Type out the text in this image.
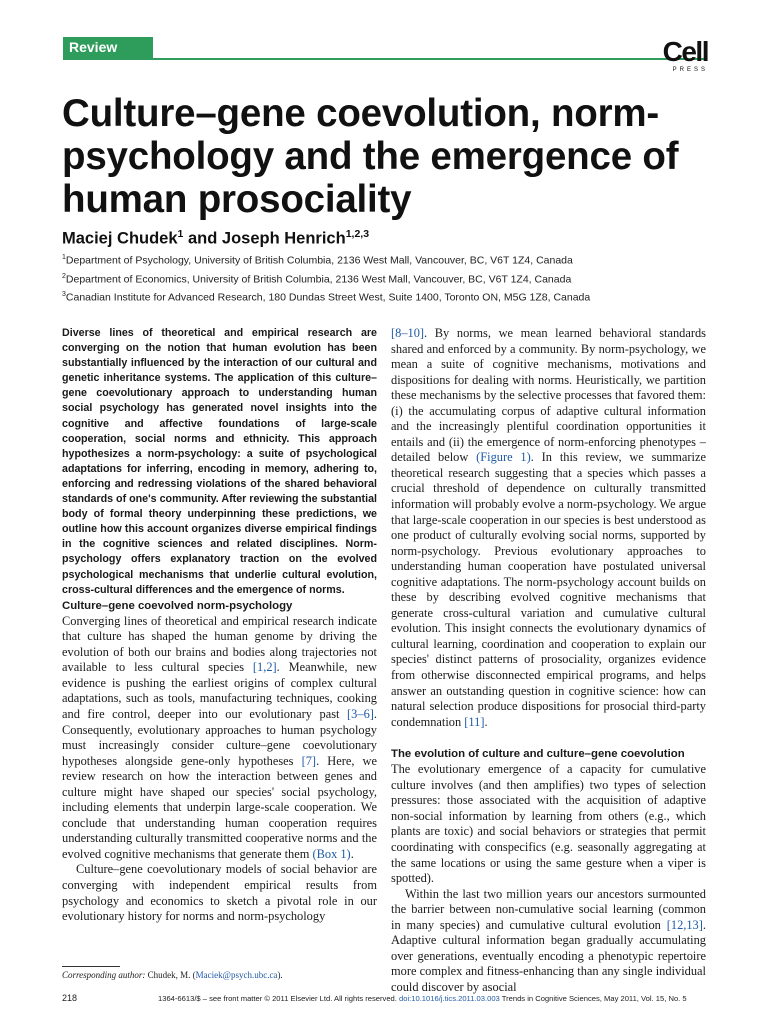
Review	Cell
PRESS
Culture–gene coevolution, norm-psychology and the emergence of human prosociality
Maciej Chudek$^1$ and Joseph Henrich$^{1,2,3}$
$^1$Department of Psychology, University of British Columbia, 2136 West Mall, Vancouver, BC, V6T 1Z4, Canada
$^2$Department of Economics, University of British Columbia, 2136 West Mall, Vancouver, BC, V6T 1Z4, Canada
$^3$Canadian Institute for Advanced Research, 180 Dundas Street West, Suite 1400, Toronto ON, M5G 1Z8, Canada

Diverse lines of theoretical and empirical research are converging on the notion that human evolution has been substantially influenced by the interaction of our cultural and genetic inheritance systems. The application of this culture–gene coevolutionary approach to understanding human social psychology has generated novel insights into the cognitive and affective foundations of large-scale cooperation, social norms and ethnicity. This approach hypothesizes a norm-psychology: a suite of psychological adaptations for inferring, encoding in memory, adhering to, enforcing and redressing violations of the shared behavioral standards of one's community. After reviewing the substantial body of formal theory underpinning these predictions, we outline how this account organizes diverse empirical findings in the cognitive sciences and related disciplines. Norm-psychology offers explanatory traction on the evolved psychological mechanisms that underlie cultural evolution, cross-cultural differences and the emergence of norms.

Culture–gene coevolved norm-psychology

Converging lines of theoretical and empirical research indicate that culture has shaped the human genome by driving the evolution of both our brains and bodies along trajectories not available to less cultural species [1,2]. Meanwhile, new evidence is pushing the earliest origins of complex cultural adaptations, such as tools, manufacturing techniques, cooking and fire control, deeper into our evolutionary past [3–6]. Consequently, evolutionary approaches to human psychology must increasingly consider culture–gene coevolutionary hypotheses alongside gene-only hypotheses [7]. Here, we review research on how the interaction between genes and culture might have shaped our species' social psychology, including elements that underpin large-scale cooperation. We conclude that understanding human cooperation requires understanding culturally transmitted cooperative norms and the evolved cognitive mechanisms that generate them (Box 1).

Culture–gene coevolutionary models of social behavior are converging with independent empirical results from psychology and economics to sketch a pivotal role in our evolutionary history for norms and norm-psychology

[8–10]. By norms, we mean learned behavioral standards shared and enforced by a community. By norm-psychology, we mean a suite of cognitive mechanisms, motivations and dispositions for dealing with norms. Heuristically, we partition these mechanisms by the selective processes that favored them: (i) the accumulating corpus of adaptive cultural information and the increasingly plentiful coordination opportunities it entails and (ii) the emergence of norm-enforcing phenotypes – detailed below (Figure 1). In this review, we summarize theoretical research suggesting that a species which passes a crucial threshold of dependence on culturally transmitted information will probably evolve a norm-psychology. We argue that large-scale cooperation in our species is best understood as one product of culturally evolving social norms, supported by norm-psychology. Previous evolutionary approaches to understanding human cooperation have postulated universal cognitive adaptations. The norm-psychology account builds on these by describing evolved cognitive mechanisms that generate cross-cultural variation and cumulative cultural evolution. This insight connects the evolutionary dynamics of cultural learning, coordination and cooperation to explain our species' distinct patterns of prosociality, organizes evidence from otherwise disconnected empirical programs, and helps answer an outstanding question in cognitive science: how can natural selection produce dispositions for prosocial third-party condemnation [11].

The evolution of culture and culture–gene coevolution

The evolutionary emergence of a capacity for cumulative culture involves (and then amplifies) two types of selection pressures: those associated with the acquisition of adaptive non-social information by learning from others (e.g., which plants are toxic) and social behaviors or strategies that permit coordinating with conspecifics (e.g. seasonally aggregating at the same locations or using the same gesture when a viper is spotted).

Within the last two million years our ancestors surmounted the barrier between non-cumulative social learning (common in many species) and cumulative cultural evolution [12,13]. Adaptive cultural information began gradually accumulating over generations, eventually encoding a phenotypic repertoire more complex and fitness-enhancing than any single individual could discover by asocial

Corresponding author: Chudek, M. (Maciek@psych.ubc.ca).
218	1364-6613/$ – see front matter © 2011 Elsevier Ltd. All rights reserved. doi:10.1016/j.tics.2011.03.003 Trends in Cognitive Sciences, May 2011, Vol. 15, No. 5
